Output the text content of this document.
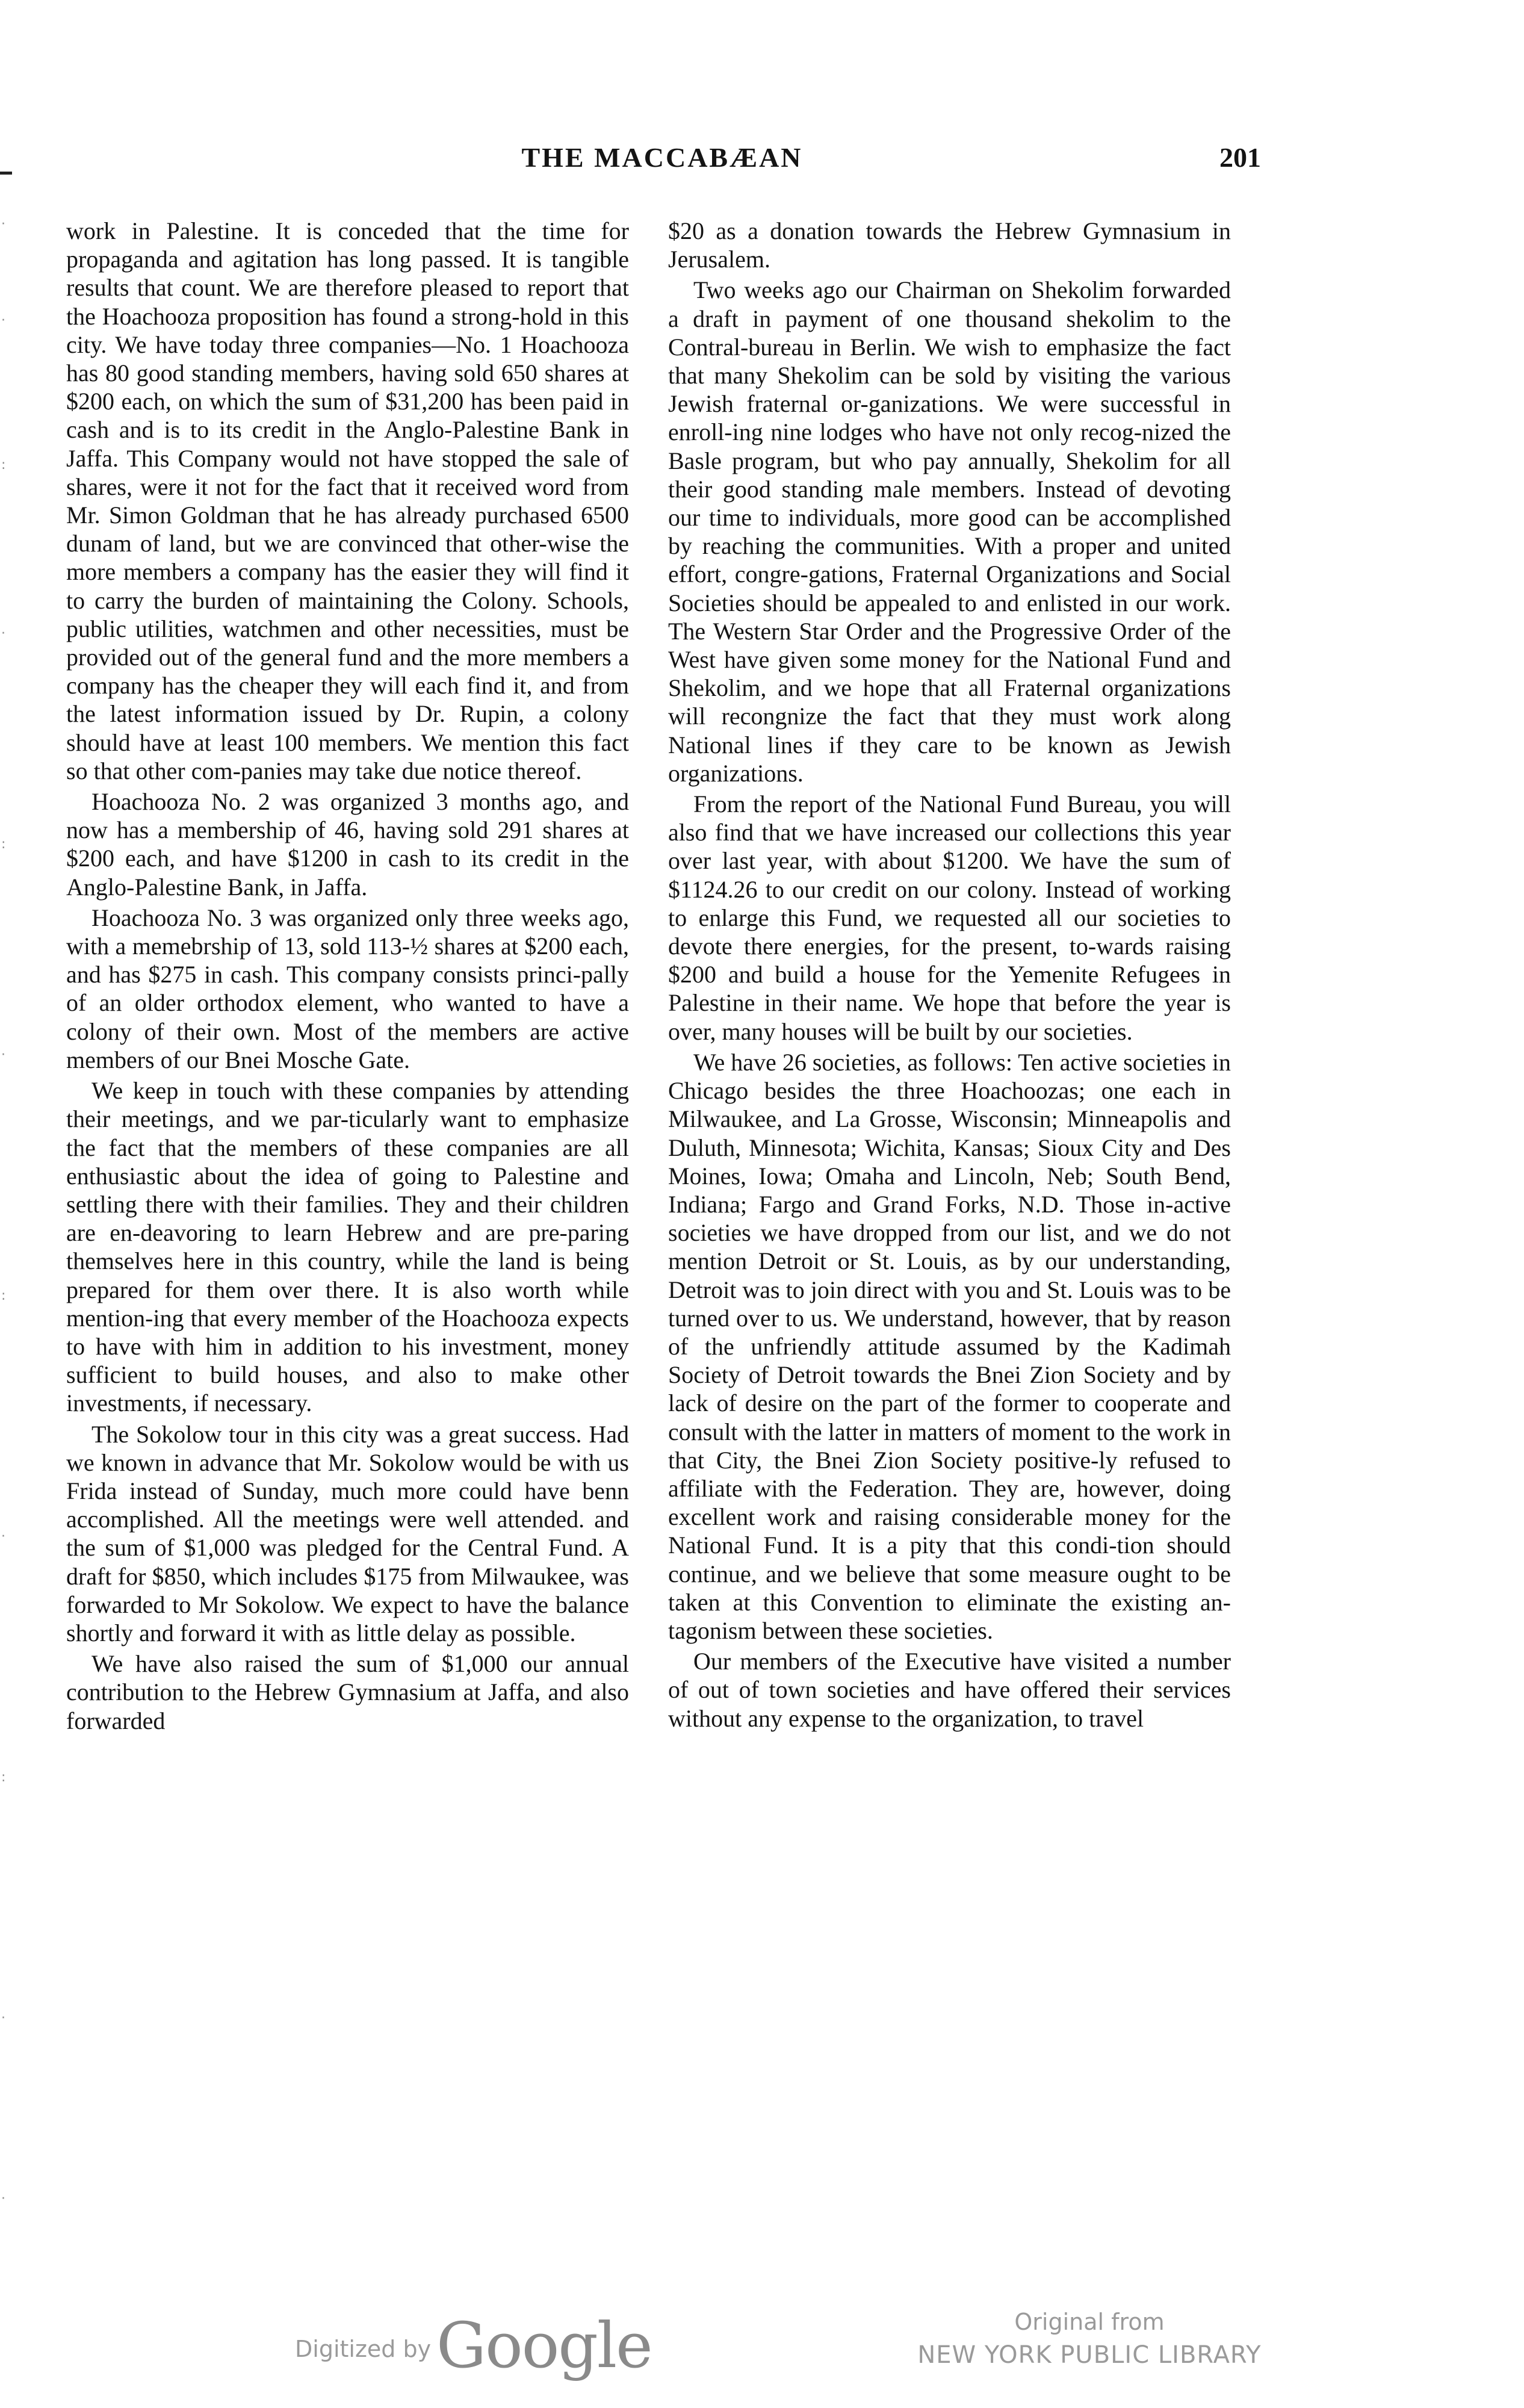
THE MACCABÆAN	201

work in Palestine. It is conceded that the time for propaganda and agitation has long passed. It is tangible results that count. We are therefore pleased to report that the Hoachooza proposition has found a strong-hold in this city. We have today three companies—No. 1 Hoachooza has 80 good standing members, having sold 650 shares at $200 each, on which the sum of $31,200 has been paid in cash and is to its credit in the Anglo-Palestine Bank in Jaffa. This Company would not have stopped the sale of shares, were it not for the fact that it received word from Mr. Simon Goldman that he has already purchased 6500 dunam of land, but we are convinced that other-wise the more members a company has the easier they will find it to carry the burden of maintaining the Colony. Schools, public utilities, watchmen and other necessities, must be provided out of the general fund and the more members a company has the cheaper they will each find it, and from the latest information issued by Dr. Rupin, a colony should have at least 100 members. We mention this fact so that other com-panies may take due notice thereof.

Hoachooza No. 2 was organized 3 months ago, and now has a membership of 46, having sold 291 shares at $200 each, and have $1200 in cash to its credit in the Anglo-Palestine Bank, in Jaffa.

Hoachooza No. 3 was organized only three weeks ago, with a memebrship of 13, sold 113-½ shares at $200 each, and has $275 in cash. This company consists princi-pally of an older orthodox element, who wanted to have a colony of their own. Most of the members are active members of our Bnei Mosche Gate.

We keep in touch with these companies by attending their meetings, and we par-ticularly want to emphasize the fact that the members of these companies are all enthusiastic about the idea of going to Palestine and settling there with their families. They and their children are en-deavoring to learn Hebrew and are pre-paring themselves here in this country, while the land is being prepared for them over there. It is also worth while mention-ing that every member of the Hoachooza expects to have with him in addition to his investment, money sufficient to build houses, and also to make other investments, if necessary.

The Sokolow tour in this city was a great success. Had we known in advance that Mr. Sokolow would be with us Frida instead of Sunday, much more could have benn accomplished. All the meetings were well attended. and the sum of $1,000 was pledged for the Central Fund. A draft for $850, which includes $175 from Milwaukee, was forwarded to Mr Sokolow. We expect to have the balance shortly and forward it with as little delay as possible.

We have also raised the sum of $1,000 our annual contribution to the Hebrew Gymnasium at Jaffa, and also forwarded

$20 as a donation towards the Hebrew Gymnasium in Jerusalem.

Two weeks ago our Chairman on Shekolim forwarded a draft in payment of one thousand shekolim to the Contral-bureau in Berlin. We wish to emphasize the fact that many Shekolim can be sold by visiting the various Jewish fraternal or-ganizations. We were successful in enroll-ing nine lodges who have not only recog-nized the Basle program, but who pay annually, Shekolim for all their good standing male members. Instead of devoting our time to individuals, more good can be accomplished by reaching the communities. With a proper and united effort, congre-gations, Fraternal Organizations and Social Societies should be appealed to and enlisted in our work. The Western Star Order and the Progressive Order of the West have given some money for the National Fund and Shekolim, and we hope that all Fraternal organizations will recongnize the fact that they must work along National lines if they care to be known as Jewish organizations.

From the report of the National Fund Bureau, you will also find that we have increased our collections this year over last year, with about $1200. We have the sum of $1124.26 to our credit on our colony. Instead of working to enlarge this Fund, we requested all our societies to devote there energies, for the present, to-wards raising $200 and build a house for the Yemenite Refugees in Palestine in their name. We hope that before the year is over, many houses will be built by our societies.

We have 26 societies, as follows: Ten active societies in Chicago besides the three Hoachoozas; one each in Milwaukee, and La Grosse, Wisconsin; Minneapolis and Duluth, Minnesota; Wichita, Kansas; Sioux City and Des Moines, Iowa; Omaha and Lincoln, Neb; South Bend, Indiana; Fargo and Grand Forks, N.D. Those in-active societies we have dropped from our list, and we do not mention Detroit or St. Louis, as by our understanding, Detroit was to join direct with you and St. Louis was to be turned over to us. We understand, however, that by reason of the unfriendly attitude assumed by the Kadimah Society of Detroit towards the Bnei Zion Society and by lack of desire on the part of the former to cooperate and consult with the latter in matters of moment to the work in that City, the Bnei Zion Society positive-ly refused to affiliate with the Federation. They are, however, doing excellent work and raising considerable money for the National Fund. It is a pity that this condi-tion should continue, and we believe that some measure ought to be taken at this Convention to eliminate the existing an-tagonism between these societies.

Our members of the Executive have visited a number of out of town societies and have offered their services without any expense to the organization, to travel

·
·
:
·
:
·
:
·
:
·
·
Digitized by Google	Original from
NEW YORK PUBLIC LIBRARY
